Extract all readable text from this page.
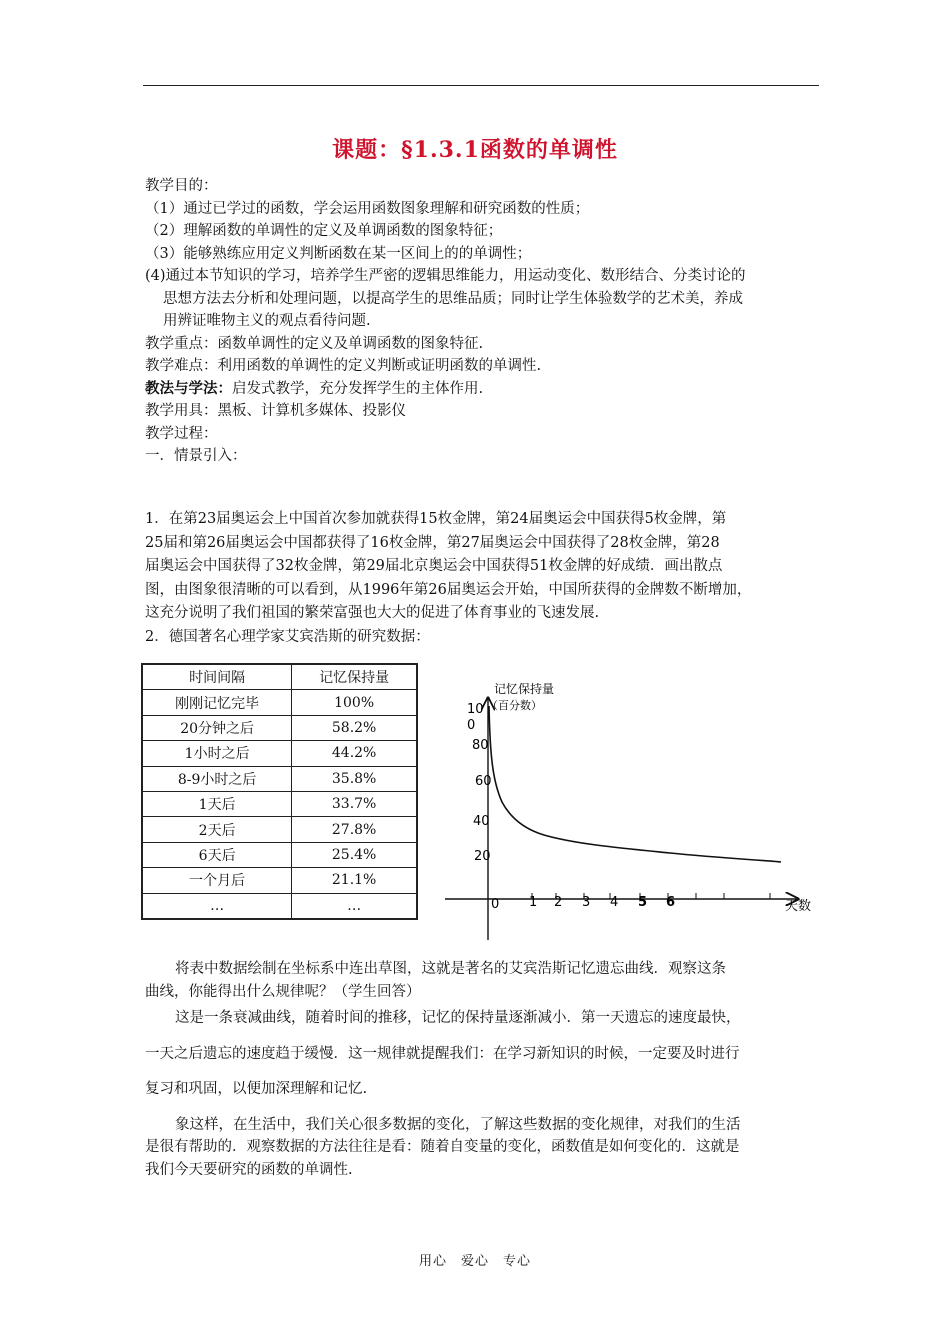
课题：§1.3.1函数的单调性
教学目的：
（1）通过已学过的函数，学会运用函数图象理解和研究函数的性质；
（2）理解函数的单调性的定义及单调函数的图象特征；
（3）能够熟练应用定义判断函数在某一区间上的的单调性；
(4)通过本节知识的学习，培养学生严密的逻辑思维能力，用运动变化、数形结合、分类讨论的
思想方法去分析和处理问题，以提高学生的思维品质；同时让学生体验数学的艺术美，养成
用辨证唯物主义的观点看待问题.
教学重点：函数单调性的定义及单调函数的图象特征.
教学难点：利用函数的单调性的定义判断或证明函数的单调性.
教法与学法：启发式教学，充分发挥学生的主体作用.
教学用具：黑板、计算机多媒体、投影仪
教学过程：
一．情景引入：
1．在第23届奥运会上中国首次参加就获得15枚金牌，第24届奥运会中国获得5枚金牌，第
25届和第26届奥运会中国都获得了16枚金牌，第27届奥运会中国获得了28枚金牌，第28
届奥运会中国获得了32枚金牌，第29届北京奥运会中国获得51枚金牌的好成绩．画出散点
图，由图象很清晰的可以看到，从1996年第26届奥运会开始，中国所获得的金牌数不断增加，
这充分说明了我们祖国的繁荣富强也大大的促进了体育事业的飞速发展.
2．德国著名心理学家艾宾浩斯的研究数据：
时间间隔	记忆保持量
刚刚记忆完毕	100%
20分钟之后	58.2%
1小时之后	44.2%
8-9小时之后	35.8%
1天后	33.7%
2天后	27.8%
6天后	25.4%
一个月后	21.1%
…	…
记忆保持量
（百分数）
天数
10
0
80
60
40
20
0 1 2 3 4 5 6
将表中数据绘制在坐标系中连出草图，这就是著名的艾宾浩斯记忆遗忘曲线．观察这条
曲线，你能得出什么规律呢？（学生回答）
这是一条衰减曲线，随着时间的推移，记忆的保持量逐渐减小．第一天遗忘的速度最快，
一天之后遗忘的速度趋于缓慢．这一规律就提醒我们：在学习新知识的时候，一定要及时进行
复习和巩固，以便加深理解和记忆.
象这样，在生活中，我们关心很多数据的变化，了解这些数据的变化规律，对我们的生活
是很有帮助的．观察数据的方法往往是看：随着自变量的变化，函数值是如何变化的．这就是
我们今天要研究的函数的单调性.
用心　爱心　专心
